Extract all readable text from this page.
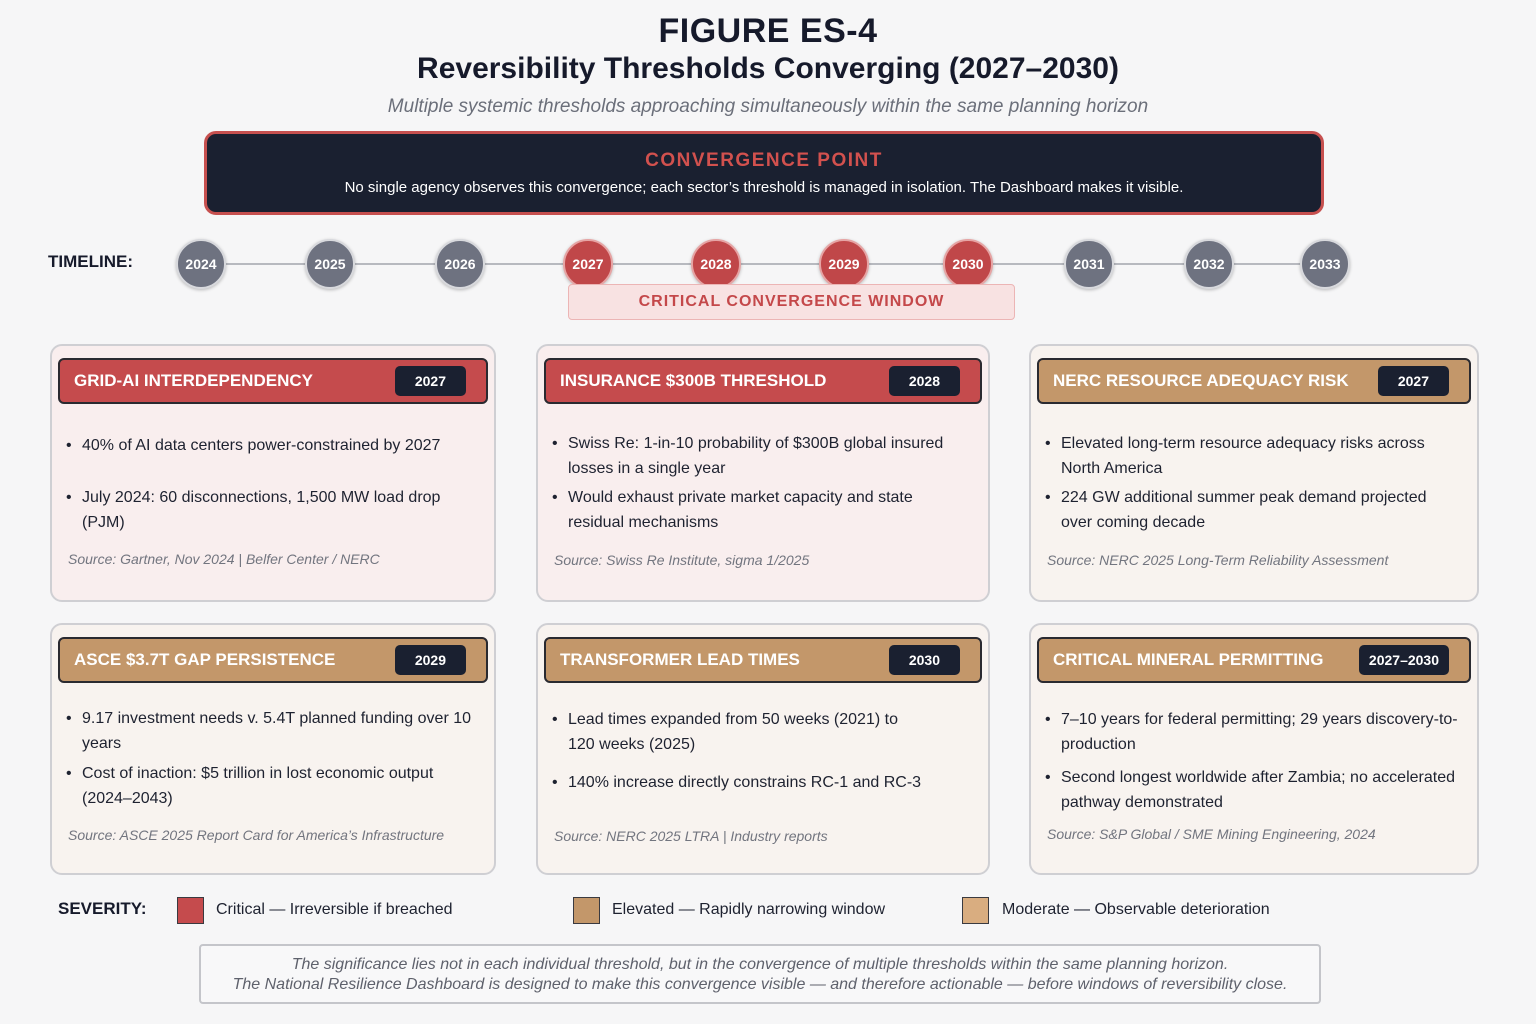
FIGURE ES-4
Reversibility Thresholds Converging (2027–2030)
Multiple systemic thresholds approaching simultaneously within the same planning horizon
CONVERGENCE POINT
No single agency observes this convergence; each sector’s threshold is managed in isolation. The Dashboard makes it visible.
TIMELINE:	2024	2025	2026	2027	2028	2029	2030	2031	2032	2033
CRITICAL CONVERGENCE WINDOW
GRID-AI INTERDEPENDENCY	2027
• 40% of AI data centers power-constrained by 2027
• July 2024: 60 disconnections, 1,500 MW load drop (PJM)
Source: Gartner, Nov 2024 | Belfer Center / NERC
INSURANCE $300B THRESHOLD	2028
• Swiss Re: 1-in-10 probability of $300B global insured losses in a single year
• Would exhaust private market capacity and state residual mechanisms
Source: Swiss Re Institute, sigma 1/2025
NERC RESOURCE ADEQUACY RISK	2027
• Elevated long-term resource adequacy risks across North America
• 224 GW additional summer peak demand projected over coming decade
Source: NERC 2025 Long-Term Reliability Assessment
ASCE $3.7T GAP PERSISTENCE	2029
• 9.17 investment needs v. 5.4T planned funding over 10 years
• Cost of inaction: $5 trillion in lost economic output (2024–2043)
Source: ASCE 2025 Report Card for America’s Infrastructure
TRANSFORMER LEAD TIMES	2030
• Lead times expanded from 50 weeks (2021) to 120 weeks (2025)
• 140% increase directly constrains RC-1 and RC-3
Source: NERC 2025 LTRA | Industry reports
CRITICAL MINERAL PERMITTING	2027–2030
• 7–10 years for federal permitting; 29 years discovery-to-production
• Second longest worldwide after Zambia; no accelerated pathway demonstrated
Source: S&P Global / SME Mining Engineering, 2024
SEVERITY:	Critical — Irreversible if breached	Elevated — Rapidly narrowing window	Moderate — Observable deterioration
The significance lies not in each individual threshold, but in the convergence of multiple thresholds within the same planning horizon.
The National Resilience Dashboard is designed to make this convergence visible — and therefore actionable — before windows of reversibility close.
